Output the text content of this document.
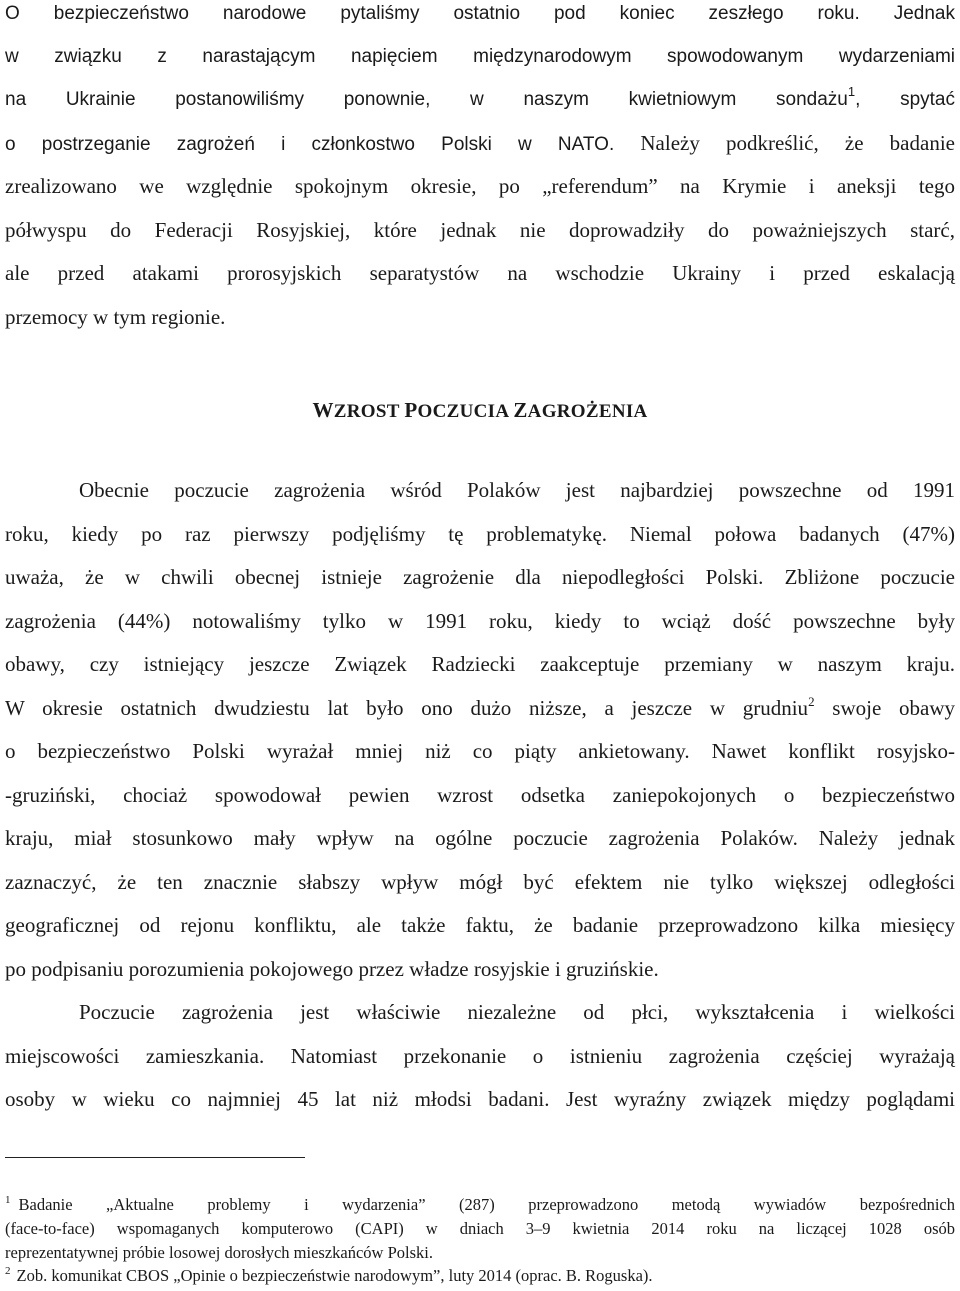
O bezpieczeństwo narodowe pytaliśmy ostatnio pod koniec zeszłego roku. Jednak
w związku z narastającym napięciem międzynarodowym spowodowanym wydarzeniami
na Ukrainie postanowiliśmy ponownie, w naszym kwietniowym sondażu$^1$, spytać
o postrzeganie zagrożeń i członkostwo Polski w NATO. Należy podkreślić, że badanie
zrealizowano we względnie spokojnym okresie, po „referendum” na Krymie i aneksji tego
półwyspu do Federacji Rosyjskiej, które jednak nie doprowadziły do poważniejszych starć,
ale przed atakami prorosyjskich separatystów na wschodzie Ukrainy i przed eskalacją
przemocy w tym regionie.
WZROST POCZUCIA ZAGROŻENIA
Obecnie poczucie zagrożenia wśród Polaków jest najbardziej powszechne od 1991
roku, kiedy po raz pierwszy podjęliśmy tę problematykę. Niemal połowa badanych (47%)
uważa, że w chwili obecnej istnieje zagrożenie dla niepodległości Polski. Zbliżone poczucie
zagrożenia (44%) notowaliśmy tylko w 1991 roku, kiedy to wciąż dość powszechne były
obawy, czy istniejący jeszcze Związek Radziecki zaakceptuje przemiany w naszym kraju.
W okresie ostatnich dwudziestu lat było ono dużo niższe, a jeszcze w grudniu$^2$ swoje obawy
o bezpieczeństwo Polski wyrażał mniej niż co piąty ankietowany. Nawet konflikt rosyjsko-
-gruziński, chociaż spowodował pewien wzrost odsetka zaniepokojonych o bezpieczeństwo
kraju, miał stosunkowo mały wpływ na ogólne poczucie zagrożenia Polaków. Należy jednak
zaznaczyć, że ten znacznie słabszy wpływ mógł być efektem nie tylko większej odległości
geograficznej od rejonu konfliktu, ale także faktu, że badanie przeprowadzono kilka miesięcy
po podpisaniu porozumienia pokojowego przez władze rosyjskie i gruzińskie.
Poczucie zagrożenia jest właściwie niezależne od płci, wykształcenia i wielkości
miejscowości zamieszkania. Natomiast przekonanie o istnieniu zagrożenia częściej wyrażają
osoby w wieku co najmniej 45 lat niż młodsi badani. Jest wyraźny związek między poglądami
$^1$ Badanie „Aktualne problemy i wydarzenia” (287) przeprowadzono metodą wywiadów bezpośrednich
(face-to-face) wspomaganych komputerowo (CAPI) w dniach 3–9 kwietnia 2014 roku na liczącej 1028 osób
reprezentatywnej próbie losowej dorosłych mieszkańców Polski.
$^2$ Zob. komunikat CBOS „Opinie o bezpieczeństwie narodowym”, luty 2014 (oprac. B. Roguska).
